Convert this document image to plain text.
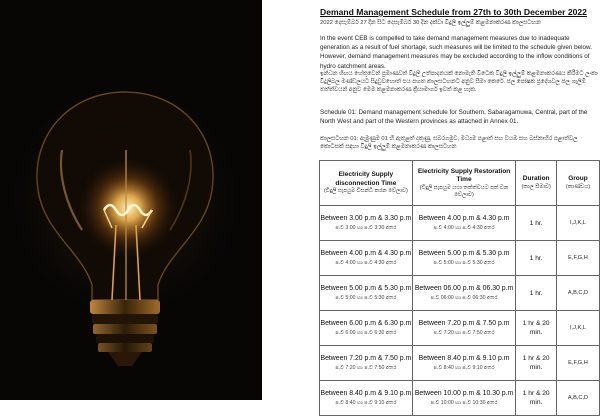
Demand Management Schedule from 27th to 30th December 2022
2022 දෙසැම්බර් 27 දින සිට දෙසැම්බර් 30 දින දක්වා විදුලි ඉල්ලුම් කළමනාකරණ කාලසටහන
In the event CEB is compelled to take demand management measures due to inadequate generation as a result of fuel shortage, such measures will be limited to the schedule given below. However, demand management measures may be excluded according to the inflow conditions of hydro catchment areas.
ඉන්ධන හිඟය හේතුවෙන් ප්‍රමාණවත් විදුලි උත්පාදනයක් නොමැති විටෙක විදුලි ඉල්ලුම් කළමනාකරණය කිරීමට ලංකා විදුලිබල මණ්ඩලයට සිදුවුවහොත් එය පහත කාලසටහනට අනුව සීමා කෙරේ. ජල පෝෂක ප්‍රදේශවල ජල ගැලීම් තත්ත්වයන් අනුව මෙම කළමනාකරණ ක්‍රියාමාර්ග ඉවත් කළ හැක.
Schedule 01: Demand management schedule for Southern, Sabaragamuwa, Central, part of the North West and part of the Western provinces as attached in Annex 01.
කාලසටහන 01: ඇමුණුම 01 හි ඇතුළත් දකුණු, සබරගමුව, මධ්‍යම පළාත් සහ වයඹ සහ බස්නාහිර පළාත්වල කොටසක් සඳහා විදුලි ඉල්ලුම් කළමනාකරණ කාලසටහන
Electricity Supply disconnection Time
(විදුලි සැපයුම විසන්ධි කරන වේලාව)	Electricity Supply Restoration Time
(විදුලි සැපයුම යථා තත්ත්වයට පත් වන වේලාව)	Duration
(කාල සීමාව)	Group
(කාණ්ඩය)

Between 3.00 p.m & 3.30 p.m
ප.ව 3:00 හා ප.ව 3:30 අතර	Between 4.00 p.m & 4.30 p.m
ප.ව 4:00 හා ප.ව 4:30 අතර	1 hr.	I,J,K,L

Between 4.00 p.m & 4.30 p.m
ප.ව 4:00 හා ප.ව 4:30 අතර	Between 5.00 p.m & 5.30 p.m
ප.ව 5:00 හා ප.ව 5:30 අතර	1 hr.	E,F,G,H

Between 5.00 p.m & 5.30 p.m
ප.ව 5:00 හා ප.ව 5:30 අතර	Between 06.00 p.m & 06.30 p.m
ප.ව 06:00 හා ප.ව 06:30 අතර	1 hr.	A,B,C,D

Between 6.00 p.m & 6.30 p.m
ප.ව 6:00 හා ප.ව 6:30 අතර	Between 7.20 p.m & 7.50 p.m
ප.ව 7:20 හා ප.ව 7:50 අතර	1 hr & 20 min.	I,J,K,L

Between 7.20 p.m & 7.50 p.m
ප.ව 7:20 හා ප.ව 7:50 අතර	Between 8.40 p.m & 9.10 p.m
ප.ව 8:40 හා ප.ව 9:10 අතර	1 hr & 20 min.	E,F,G,H

Between 8.40 p.m & 9.10 p.m
ප.ව 8:40 හා ප.ව 9:10 අතර	Between 10.00 p.m & 10.30 p.m
ප.ව 10:00 හා ප.ව 10:30 අතර	1 hr & 20 min.	A,B,C,D
